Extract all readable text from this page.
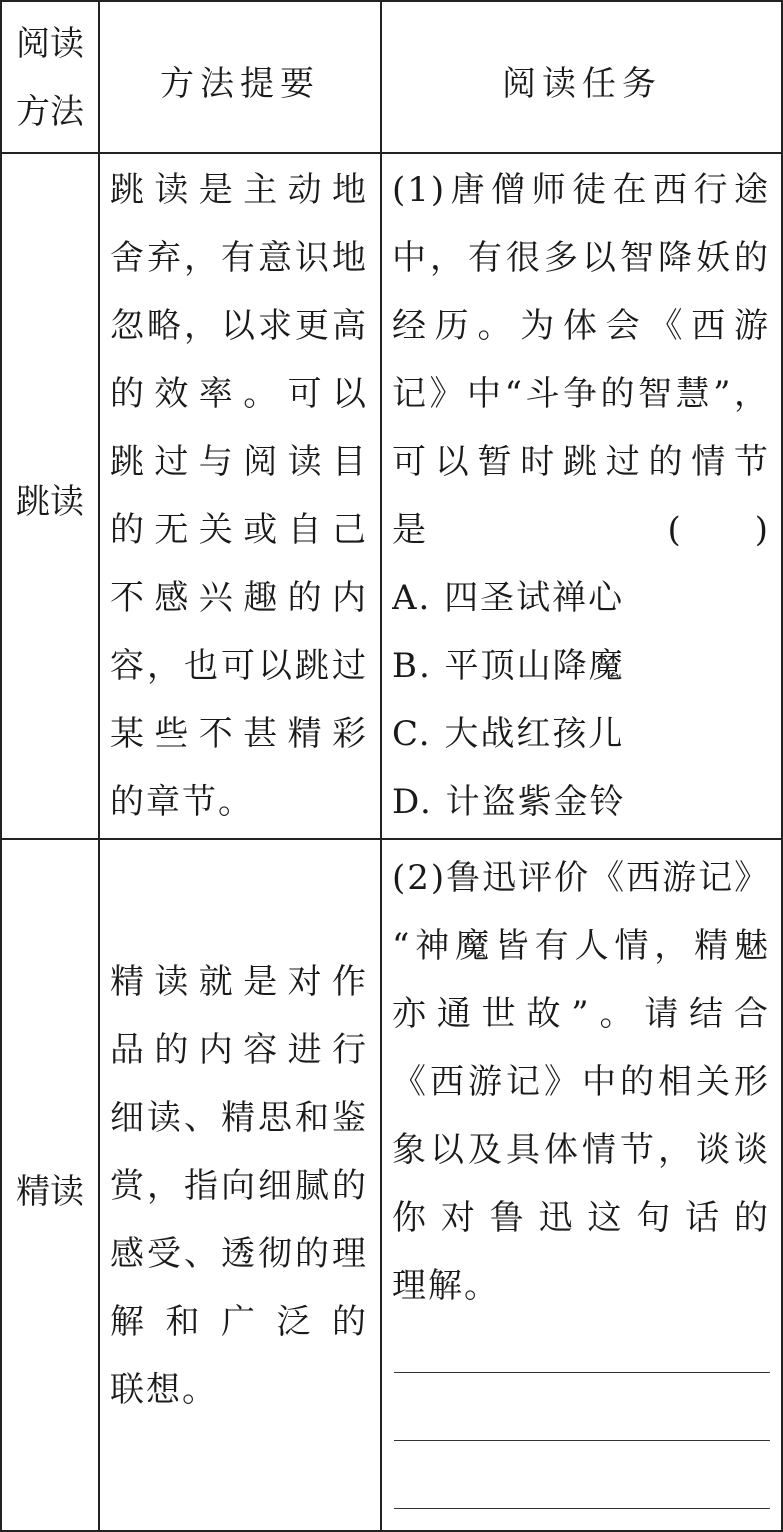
阅读
方法
方法提要	阅读任务
跳读
跳读是主动地
舍弃，有意识地
忽略，以求更高
的效率。可以
跳过与阅读目
的无关或自己
不感兴趣的内
容，也可以跳过
某些不甚精彩
的章节。
(1)唐僧师徒在西行途
中，有很多以智降妖的
经历。为体会《西游
记》中“斗争的智慧”，
可以暂时跳过的情节
是	(　　)
A. 四圣试禅心
B. 平顶山降魔
C. 大战红孩儿
D. 计盗紫金铃
精读
精读就是对作
品的内容进行
细读、精思和鉴
赏，指向细腻的
感受、透彻的理
解和广泛的
联想。
(2)鲁迅评价《西游记》
“神魔皆有人情，精魅
亦通世故”。请结合
《西游记》中的相关形
象以及具体情节，谈谈
你对鲁迅这句话的
理解。
